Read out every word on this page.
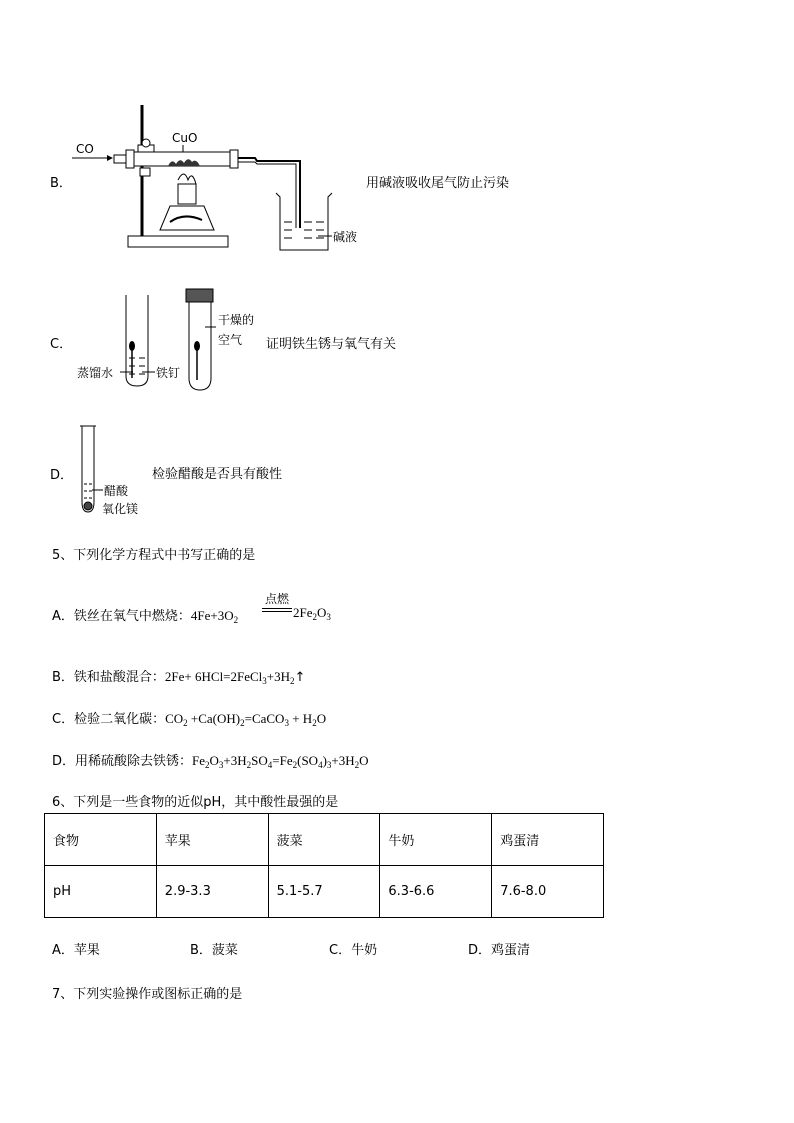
B．
CO
CuO
碱液
用碱液吸收尾气防止污染
C．
蒸馏水	铁钉
干燥的
空气 证明铁生锈与氧气有关
D．
醋酸
氧化镁
检验醋酸是否具有酸性
5、下列化学方程式中书写正确的是
A．铁丝在氧气中燃烧：$4Fe+3O_2$
点燃
$2Fe_2O_3$
B．铁和盐酸混合：$2Fe+ 6HCl=2FeCl_3+3H_2↑$
C．检验二氧化碳：$CO_2$ $+Ca(OH)_2=CaCO_3 + H_2O$
D．用稀硫酸除去铁锈：$Fe_2O_3+3H_2SO_4=Fe_2(SO_4)_3+3H_2O$
6、下列是一些食物的近似pH，其中酸性最强的是
食物	苹果	菠菜	牛奶	鸡蛋清
pH	2.9-3.3	5.1-5.7	6.3-6.6	7.6-8.0
A．苹果	B．菠菜	C．牛奶	D．鸡蛋清
7、下列实验操作或图标正确的是
